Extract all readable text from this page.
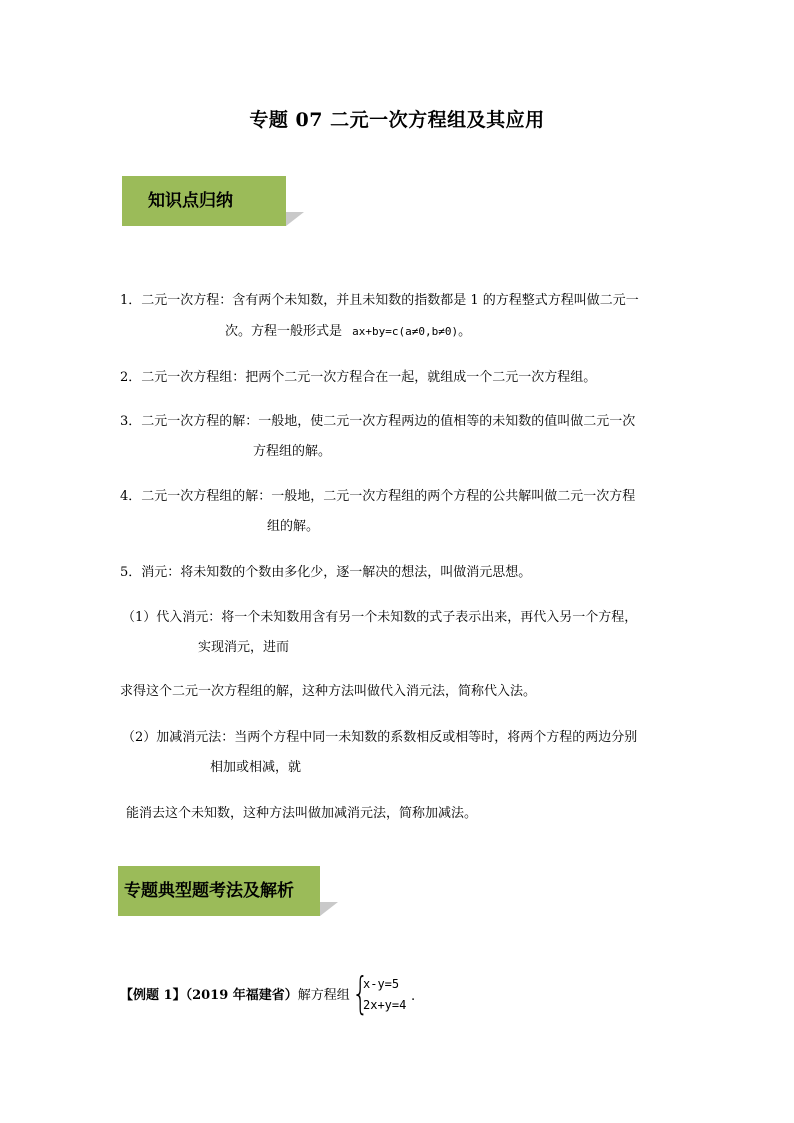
专题 07 二元一次方程组及其应用
知识点归纳
1．二元一次方程：含有两个未知数，并且未知数的指数都是 1 的方程整式方程叫做二元一
次。方程一般形式是 ax+by=c(a≠0,b≠0)。
2．二元一次方程组：把两个二元一次方程合在一起，就组成一个二元一次方程组。
3．二元一次方程的解：一般地，使二元一次方程两边的值相等的未知数的值叫做二元一次
方程组的解。
4．二元一次方程组的解：一般地，二元一次方程组的两个方程的公共解叫做二元一次方程
组的解。
5．消元：将未知数的个数由多化少，逐一解决的想法，叫做消元思想。
（1）代入消元：将一个未知数用含有另一个未知数的式子表示出来，再代入另一个方程，
实现消元，进而
求得这个二元一次方程组的解，这种方法叫做代入消元法，简称代入法。
（2）加减消元法：当两个方程中同一未知数的系数相反或相等时，将两个方程的两边分别
相加或相减，就
能消去这个未知数，这种方法叫做加减消元法，简称加减法。
专题典型题考法及解析
【例题 1】（2019 年福建省）解方程组 {
x-y=5
2x+y=4
.
